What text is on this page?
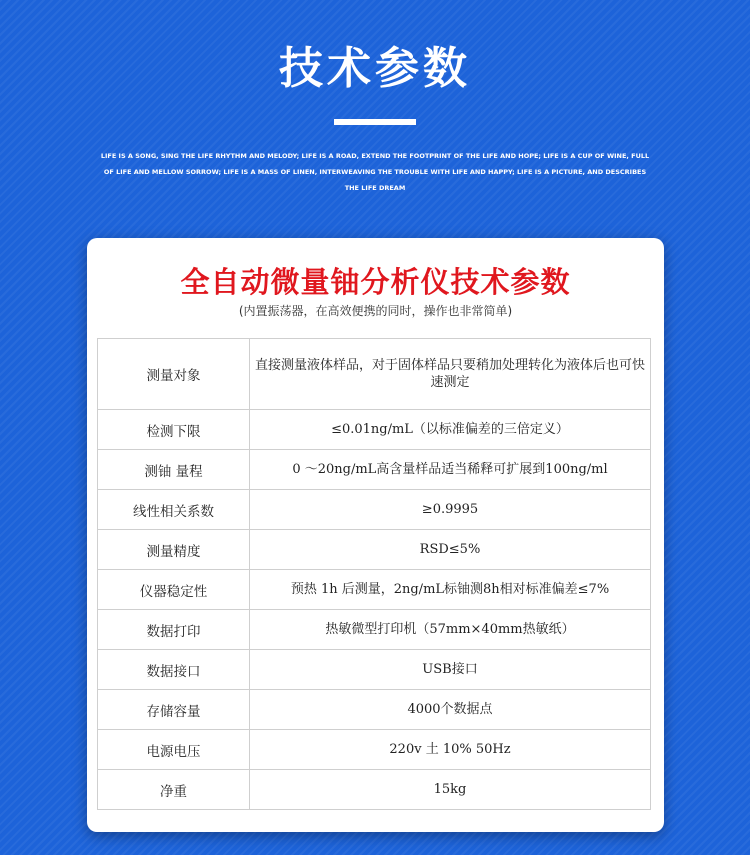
技术参数
LIFE IS A SONG, SING THE LIFE RHYTHM AND MELODY; LIFE IS A ROAD, EXTEND THE FOOTPRINT OF THE LIFE AND HOPE; LIFE IS A CUP OF WINE, FULL OF LIFE AND MELLOW SORROW; LIFE IS A MASS OF LINEN, INTERWEAVING THE TROUBLE WITH LIFE AND HAPPY; LIFE IS A PICTURE, AND DESCRIBES THE LIFE DREAM
全自动微量铀分析仪技术参数
(内置振荡器，在高效便携的同时，操作也非常简单)
测量对象	直接测量液体样品，对于固体样品只要稍加处理转化为液体后也可快速测定
检测下限	≤0.01ng/mL（以标准偏差的三倍定义）
测铀 量程	0 ～20ng/mL高含量样品适当稀释可扩展到100ng/ml
线性相关系数	≥0.9995
测量精度	RSD≤5%
仪器稳定性	预热 1h 后测量，2ng/mL标铀测8h相对标准偏差≤7%
数据打印	热敏微型打印机（57mm×40mm热敏纸）
数据接口	USB接口
存储容量	4000个数据点
电源电压	220v 土 10% 50Hz
净重	15kg
